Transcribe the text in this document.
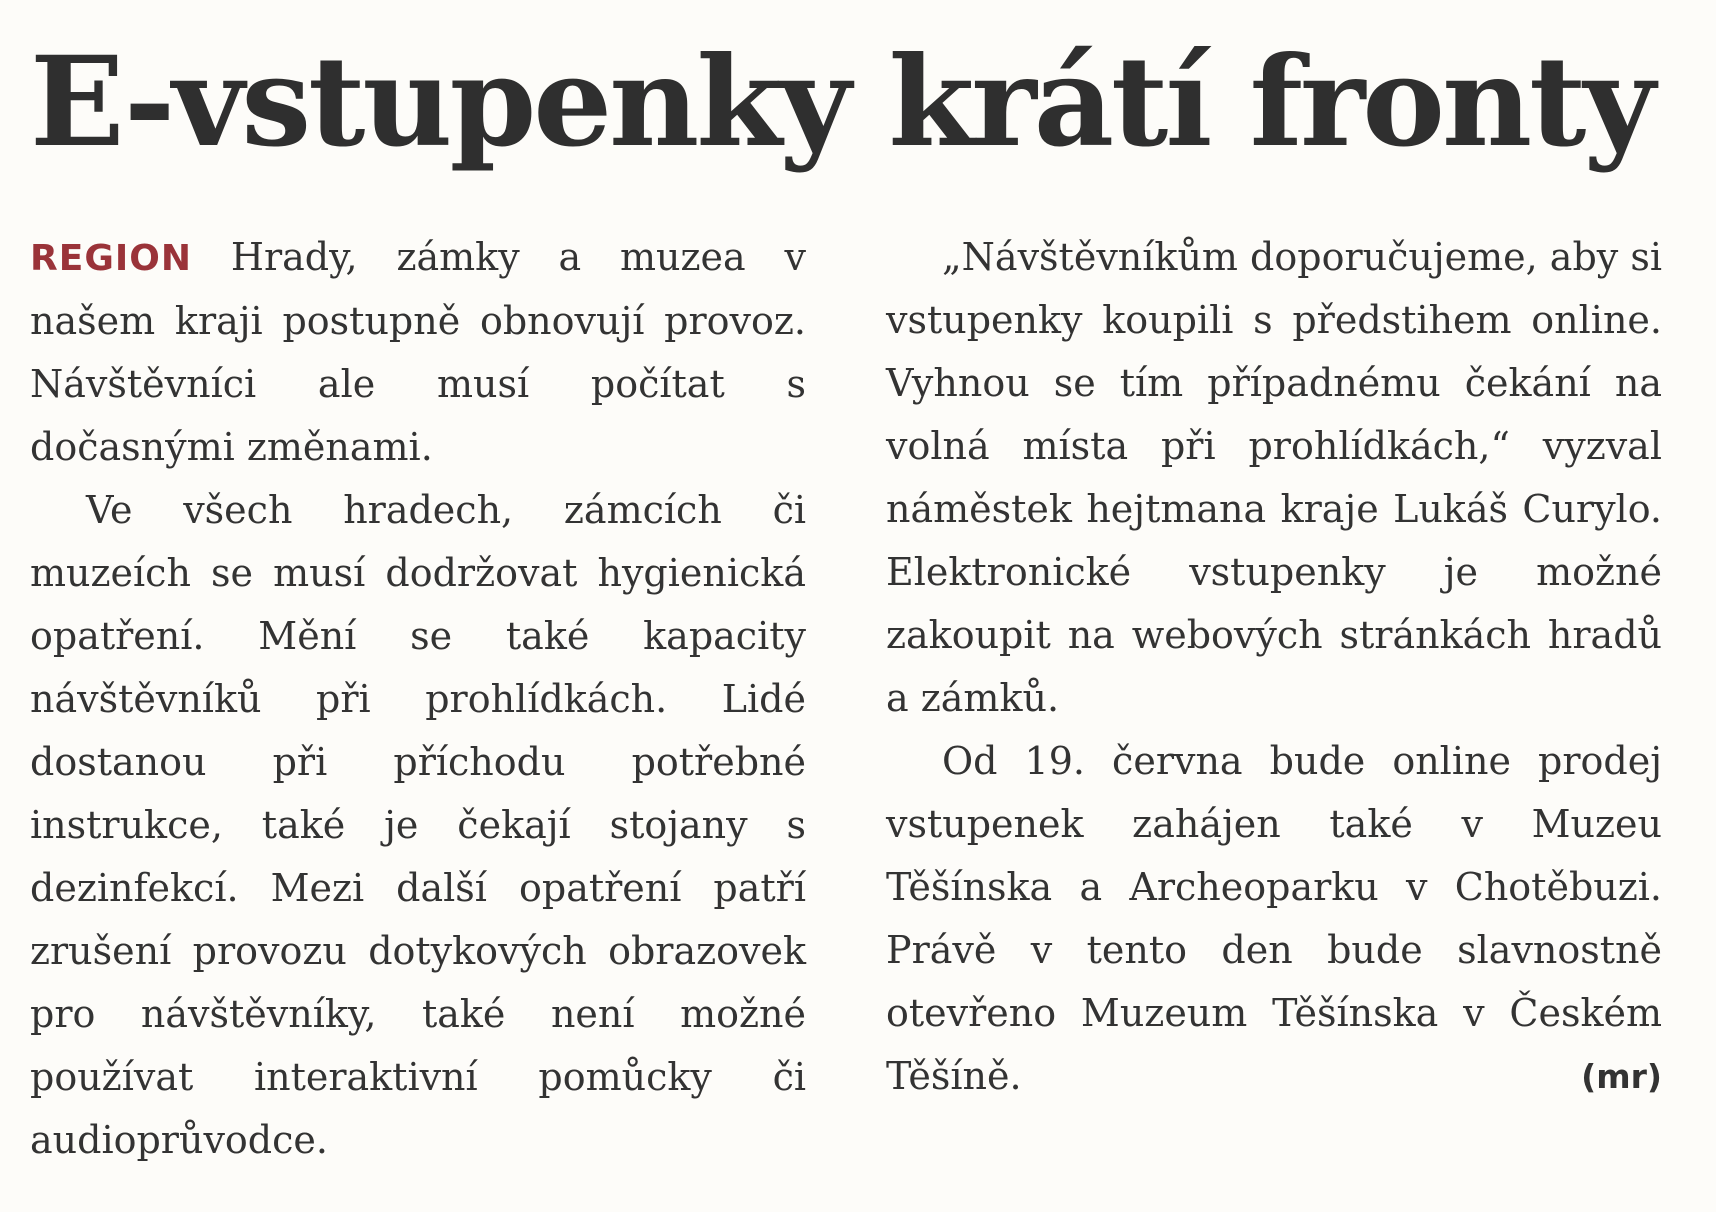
E-vstupenky krátí fronty

REGION Hrady, zámky a muzea v našem kraji postupně obnovují provoz. Návštěvníci ale musí počítat s dočasnými změnami.

Ve všech hradech, zámcích či muzeích se musí dodržovat hygienická opatření. Mění se také kapacity návštěvníků při prohlídkách. Lidé dostanou při příchodu potřebné instrukce, také je čekají stojany s dezinfekcí. Mezi další opatření patří zrušení provozu dotykových obrazovek pro návštěvníky, také není možné používat interaktivní pomůcky či audioprůvodce.

„Návštěvníkům doporučujeme, aby si vstupenky koupili s předstihem online. Vyhnou se tím případnému čekání na volná místa při prohlídkách,“ vyzval náměstek hejtmana kraje Lukáš Curylo. Elektronické vstupenky je možné zakoupit na webových stránkách hradů a zámků.

Od 19. června bude online prodej vstupenek zahájen také v Muzeu Těšínska a Archeoparku v Chotěbuzi. Právě v tento den bude slavnostně otevřeno Muzeum Těšínska v Českém Těšíně.	(mr)
